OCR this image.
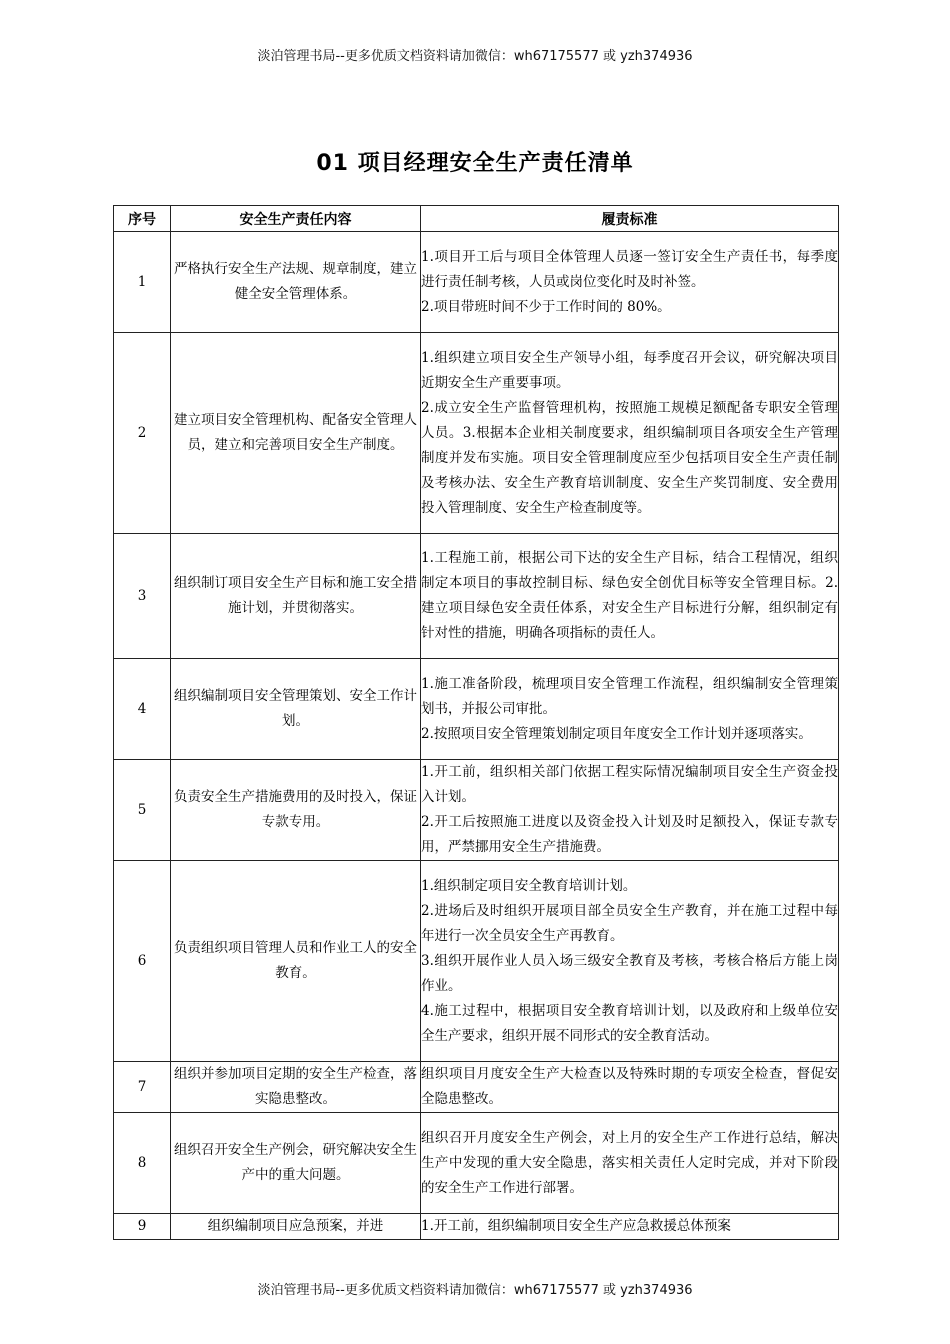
淡泊管理书局--更多优质文档资料请加微信：wh67175577 或 yzh374936
01 项目经理安全生产责任清单
序号	安全生产责任内容	履责标准
1	严格执行安全生产法规、规章制度，建立健全安全管理体系。	1.项目开工后与项目全体管理人员逐一签订安全生产责任书，每季度进行责任制考核，人员或岗位变化时及时补签。

2.项目带班时间不少于工作时间的 80%。

2	建立项目安全管理机构、配备安全管理人员，建立和完善项目安全生产制度。	1.组织建立项目安全生产领导小组，每季度召开会议，研究解决项目近期安全生产重要事项。

2.成立安全生产监督管理机构，按照施工规模足额配备专职安全管理人员。3.根据本企业相关制度要求，组织编制项目各项安全生产管理制度并发布实施。项目安全管理制度应至少包括项目安全生产责任制及考核办法、安全生产教育培训制度、安全生产奖罚制度、安全费用投入管理制度、安全生产检查制度等。

3	组织制订项目安全生产目标和施工安全措施计划，并贯彻落实。	1.工程施工前，根据公司下达的安全生产目标，结合工程情况，组织制定本项目的事故控制目标、绿色安全创优目标等安全管理目标。2.建立项目绿色安全责任体系，对安全生产目标进行分解，组织制定有针对性的措施，明确各项指标的责任人。

4	组织编制项目安全管理策划、安全工作计划。	1.施工准备阶段，梳理项目安全管理工作流程，组织编制安全管理策划书，并报公司审批。

2.按照项目安全管理策划制定项目年度安全工作计划并逐项落实。

5	负责安全生产措施费用的及时投入，保证专款专用。	1.开工前，组织相关部门依据工程实际情况编制项目安全生产资金投入计划。

2.开工后按照施工进度以及资金投入计划及时足额投入，保证专款专用，严禁挪用安全生产措施费。

6	负责组织项目管理人员和作业工人的安全教育。	1.组织制定项目安全教育培训计划。

2.进场后及时组织开展项目部全员安全生产教育，并在施工过程中每年进行一次全员安全生产再教育。

3.组织开展作业人员入场三级安全教育及考核，考核合格后方能上岗作业。

4.施工过程中，根据项目安全教育培训计划，以及政府和上级单位安全生产要求，组织开展不同形式的安全教育活动。

7	组织并参加项目定期的安全生产检查，落实隐患整改。	组织项目月度安全生产大检查以及特殊时期的专项安全检查，督促安全隐患整改。

8	组织召开安全生产例会，研究解决安全生产中的重大问题。	组织召开月度安全生产例会，对上月的安全生产工作进行总结，解决生产中发现的重大安全隐患，落实相关责任人定时完成，并对下阶段的安全生产工作进行部署。

9	组织编制项目应急预案，并进	1.开工前，组织编制项目安全生产应急救援总体预案

淡泊管理书局--更多优质文档资料请加微信：wh67175577 或 yzh374936
